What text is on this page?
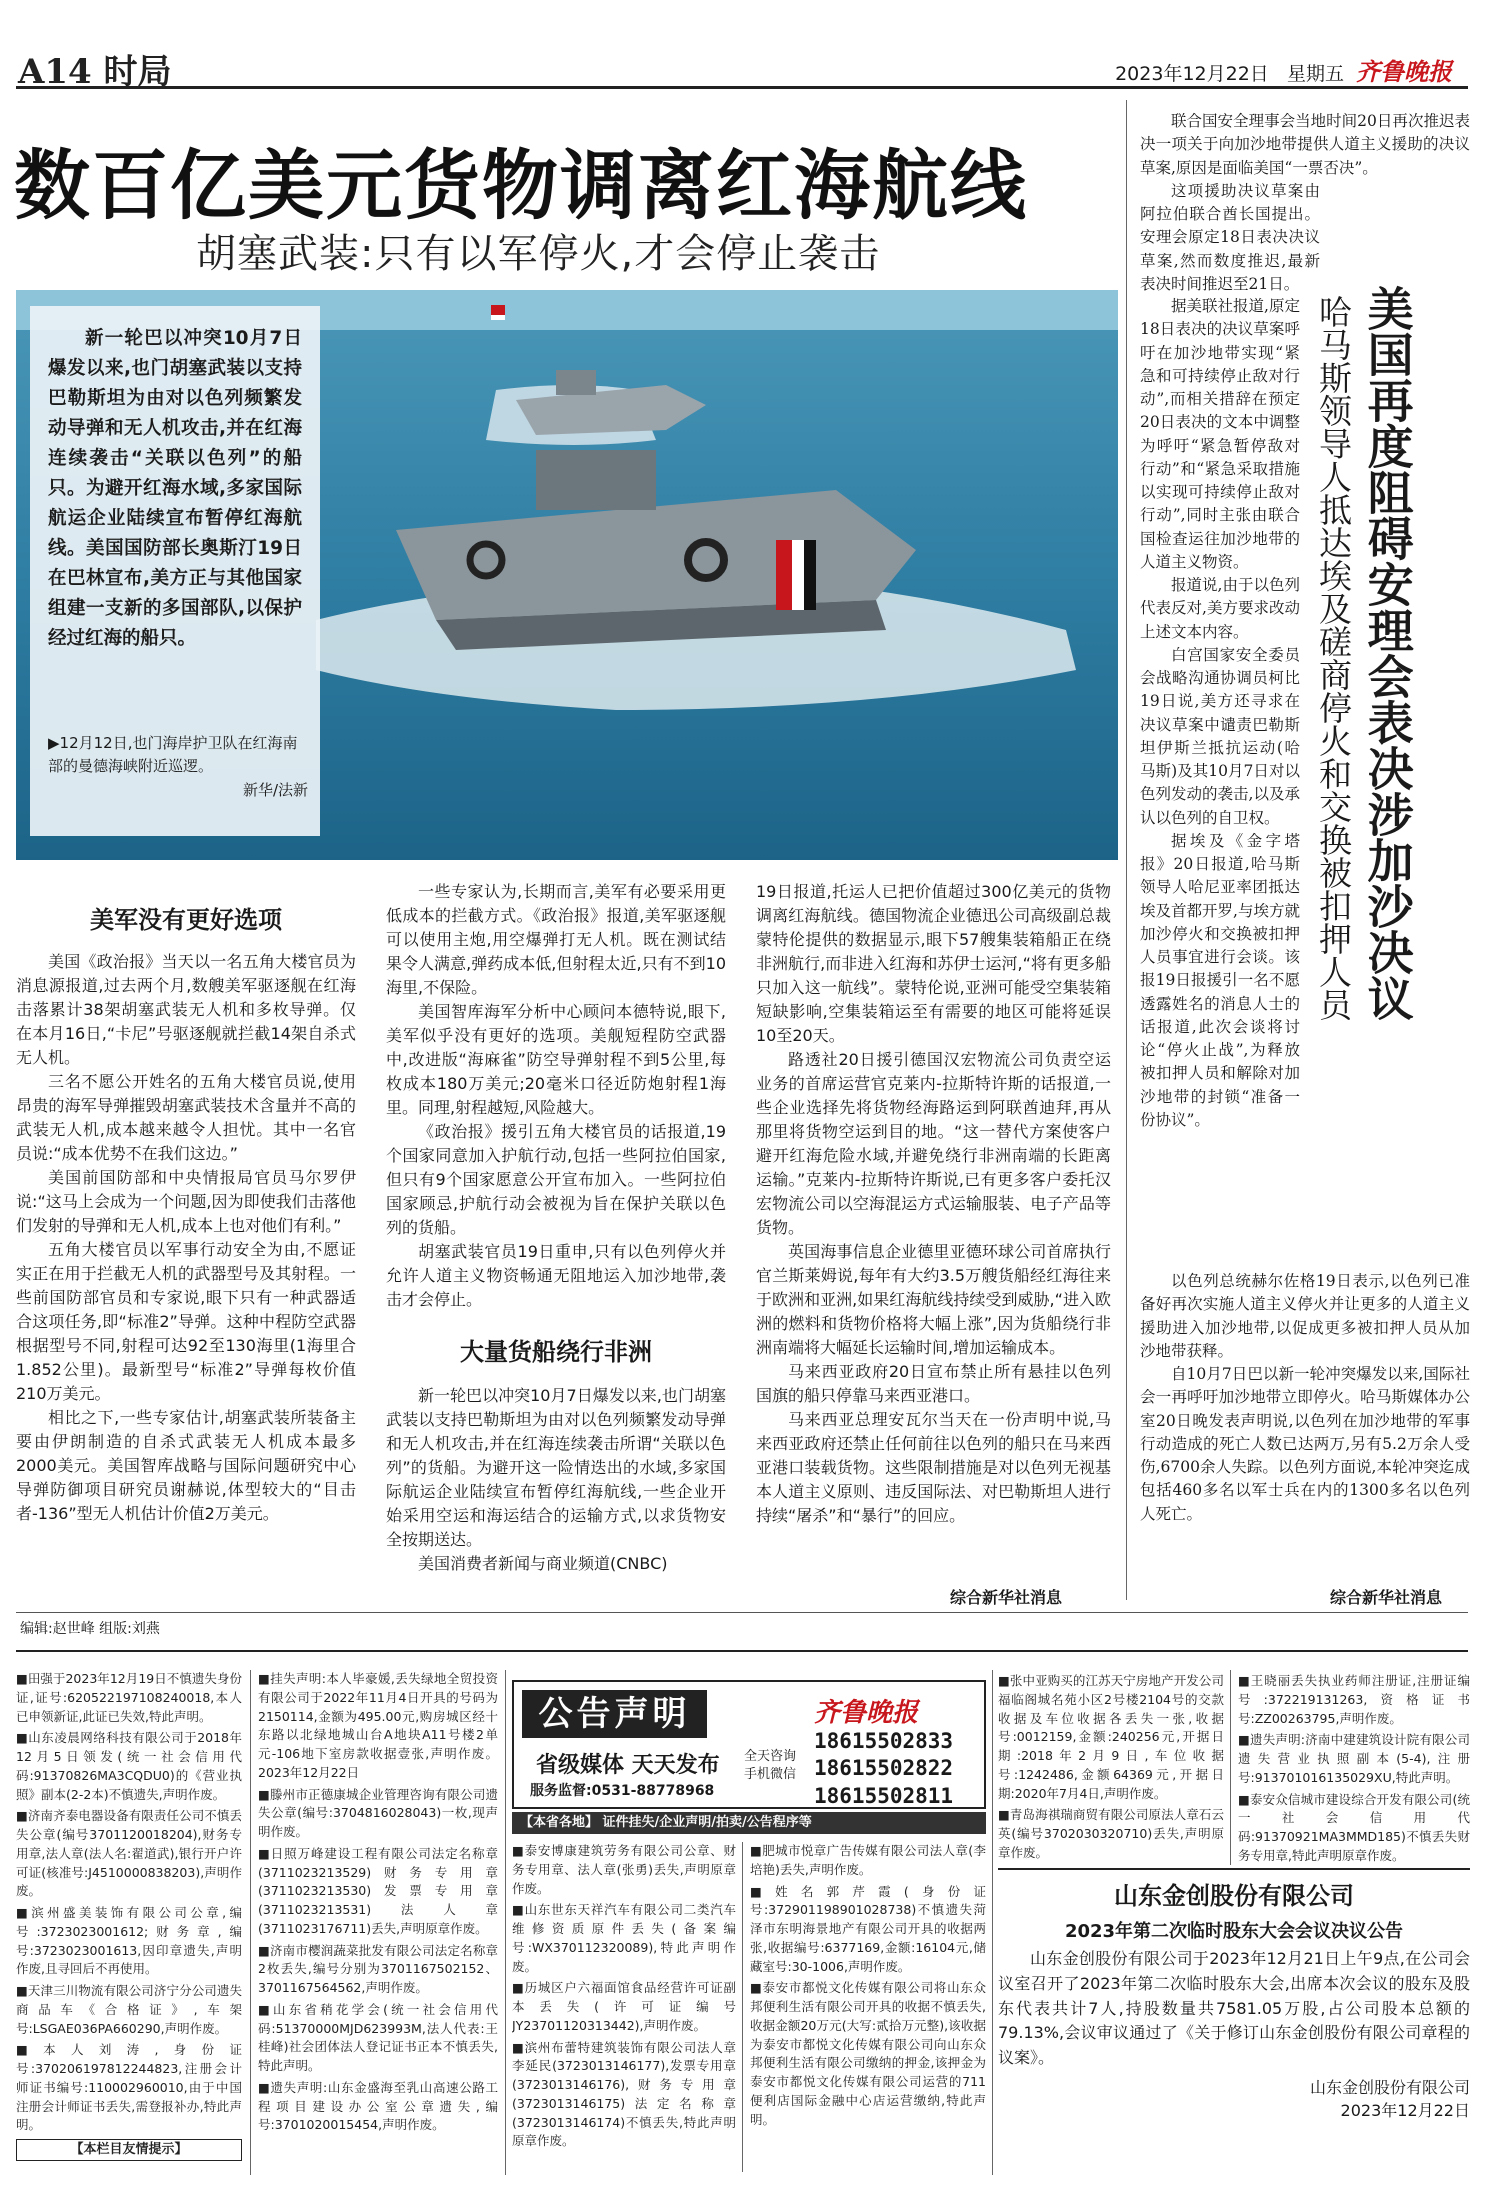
A14 时局	2023年12月22日 星期五 齐鲁晚报
数百亿美元货物调离红海航线
胡塞武装:只有以军停火,才会停止袭击
新一轮巴以冲突10月7日爆发以来,也门胡塞武装以支持巴勒斯坦为由对以色列频繁发动导弹和无人机攻击,并在红海连续袭击“关联以色列”的船只。为避开红海水域,多家国际航运企业陆续宣布暂停红海航线。美国国防部长奥斯汀19日在巴林宣布,美方正与其他国家组建一支新的多国部队,以保护经过红海的船只。
▶12月12日,也门海岸护卫队在红海南部的曼德海峡附近巡逻。
新华/法新	美国再度阻碍安理会表决涉加沙决议
哈马斯领导人抵达埃及磋商停火和交换被扣押人员

联合国安全理事会当地时间20日再次推迟表决一项关于向加沙地带提供人道主义援助的决议草案,原因是面临美国“一票否决”。

这项援助决议草案由阿拉伯联合酋长国提出。安理会原定18日表决决议草案,然而数度推迟,最新表决时间推迟至21日。

据美联社报道,原定18日表决的决议草案呼吁在加沙地带实现“紧急和可持续停止敌对行动”,而相关措辞在预定20日表决的文本中调整为呼吁“紧急暂停敌对行动”和“紧急采取措施以实现可持续停止敌对行动”,同时主张由联合国检查运往加沙地带的人道主义物资。

报道说,由于以色列代表反对,美方要求改动上述文本内容。

白宫国家安全委员会战略沟通协调员柯比19日说,美方还寻求在决议草案中谴责巴勒斯坦伊斯兰抵抗运动(哈马斯)及其10月7日对以色列发动的袭击,以及承认以色列的自卫权。

据埃及《金字塔报》20日报道,哈马斯领导人哈尼亚率团抵达埃及首都开罗,与埃方就加沙停火和交换被扣押人员事宜进行会谈。该报19日报援引一名不愿透露姓名的消息人士的话报道,此次会谈将讨论“停火止战”,为释放被扣押人员和解除对加沙地带的封锁“准备一份协议”。

以色列总统赫尔佐格19日表示,以色列已准备好再次实施人道主义停火并让更多的人道主义援助进入加沙地带,以促成更多被扣押人员从加沙地带获释。

自10月7日巴以新一轮冲突爆发以来,国际社会一再呼吁加沙地带立即停火。哈马斯媒体办公室20日晚发表声明说,以色列在加沙地带的军事行动造成的死亡人数已达两万,另有5.2万余人受伤,6700余人失踪。以色列方面说,本轮冲突迄成包括460多名以军士兵在内的1300多名以色列人死亡。

综合新华社消息
美军没有更好选项

美国《政治报》当天以一名五角大楼官员为消息源报道,过去两个月,数艘美军驱逐舰在红海击落累计38架胡塞武装无人机和多枚导弹。仅在本月16日,“卡尼”号驱逐舰就拦截14架自杀式无人机。

三名不愿公开姓名的五角大楼官员说,使用昂贵的海军导弹摧毁胡塞武装技术含量并不高的武装无人机,成本越来越令人担忧。其中一名官员说:“成本优势不在我们这边。”

美国前国防部和中央情报局官员马尔罗伊说:“这马上会成为一个问题,因为即使我们击落他们发射的导弹和无人机,成本上也对他们有利。”

五角大楼官员以军事行动安全为由,不愿证实正在用于拦截无人机的武器型号及其射程。一些前国防部官员和专家说,眼下只有一种武器适合这项任务,即“标准2”导弹。这种中程防空武器根据型号不同,射程可达92至130海里(1海里合1.852公里)。最新型号“标准2”导弹每枚价值210万美元。

相比之下,一些专家估计,胡塞武装所装备主要由伊朗制造的自杀式武装无人机成本最多2000美元。美国智库战略与国际问题研究中心导弹防御项目研究员谢赫说,体型较大的“目击者-136”型无人机估计价值2万美元。

一些专家认为,长期而言,美军有必要采用更低成本的拦截方式。《政治报》报道,美军驱逐舰可以使用主炮,用空爆弹打无人机。既在测试结果令人满意,弹药成本低,但射程太近,只有不到10海里,不保险。

美国智库海军分析中心顾问本德特说,眼下,美军似乎没有更好的选项。美舰短程防空武器中,改进版“海麻雀”防空导弹射程不到5公里,每枚成本180万美元;20毫米口径近防炮射程1海里。同理,射程越短,风险越大。

《政治报》援引五角大楼官员的话报道,19个国家同意加入护航行动,包括一些阿拉伯国家,但只有9个国家愿意公开宣布加入。一些阿拉伯国家顾忌,护航行动会被视为旨在保护关联以色列的货船。

胡塞武装官员19日重申,只有以色列停火并允许人道主义物资畅通无阻地运入加沙地带,袭击才会停止。

大量货船绕行非洲

新一轮巴以冲突10月7日爆发以来,也门胡塞武装以支持巴勒斯坦为由对以色列频繁发动导弹和无人机攻击,并在红海连续袭击所谓“关联以色列”的货船。为避开这一险情迭出的水域,多家国际航运企业陆续宣布暂停红海航线,一些企业开始采用空运和海运结合的运输方式,以求货物安全按期送达。

美国消费者新闻与商业频道(CNBC)

19日报道,托运人已把价值超过300亿美元的货物调离红海航线。德国物流企业德迅公司高级副总裁蒙特伦提供的数据显示,眼下57艘集装箱船正在绕非洲航行,而非进入红海和苏伊士运河,“将有更多船只加入这一航线”。蒙特伦说,亚洲可能受空集装箱短缺影响,空集装箱运至有需要的地区可能将延误10至20天。

路透社20日援引德国汉宏物流公司负责空运业务的首席运营官克莱内-拉斯特许斯的话报道,一些企业选择先将货物经海路运到阿联酋迪拜,再从那里将货物空运到目的地。“这一替代方案使客户避开红海危险水域,并避免绕行非洲南端的长距离运输。”克莱内-拉斯特许斯说,已有更多客户委托汉宏物流公司以空海混运方式运输服装、电子产品等货物。

英国海事信息企业德里亚德环球公司首席执行官兰斯莱姆说,每年有大约3.5万艘货船经红海往来于欧洲和亚洲,如果红海航线持续受到威胁,“进入欧洲的燃料和货物价格将大幅上涨”,因为货船绕行非洲南端将大幅延长运输时间,增加运输成本。

马来西亚政府20日宣布禁止所有悬挂以色列国旗的船只停靠马来西亚港口。

马来西亚总理安瓦尔当天在一份声明中说,马来西亚政府还禁止任何前往以色列的船只在马来西亚港口装载货物。这些限制措施是对以色列无视基本人道主义原则、违反国际法、对巴勒斯坦人进行持续“屠杀”和“暴行”的回应。

综合新华社消息
编辑:赵世峰 组版:刘燕

■田强于2023年12月19日不慎遗失身份证,证号:620522197108240018,本人已申领新证,此证已失效,特此声明。

■山东凌晨网络科技有限公司于2018年12月5日领发(统一社会信用代码:91370826MA3CQDU0)的《营业执照》副本(2-2本)不慎遗失,声明作废。

■济南齐泰电器设备有限责任公司不慎丢失公章(编号3701120018204),财务专用章,法人章(法人名:翟道武),银行开户许可证(核准号:J4510000838203),声明作废。

■滨州盛美装饰有限公司公章,编号:3723023001612;财务章,编号:3723023001613,因印章遗失,声明作废,且寻回后不再使用。

■天津三川物流有限公司济宁分公司遗失商品车《合格证》,车架号:LSGAE036PA660290,声明作废。

■本人刘涛,身份证号:370206197812244823,注册会计师证书编号:110002960010,由于中国注册会计师证书丢失,需登报补办,特此声明。

【本栏目友情提示】

■挂失声明:本人毕豪媛,丢失绿地全贸投资有限公司于2022年11月4日开具的号码为2150114,金额为495.00元,购房城区经十东路以北绿地城山台A地块A11号楼2单元-106地下室房款收据壹张,声明作废。2023年12月22日

■滕州市正德康城企业管理咨询有限公司遗失公章(编号:3704816028043)一枚,现声明作废。

■日照万峰建设工程有限公司法定名称章(3711023213529)财务专用章(3711023213530)发票专用章(3711023213531)法人章(3711023176711)丢失,声明原章作废。

■济南市樱润蔬菜批发有限公司法定名称章2枚丢失,编号分别为3701167502152、3701167564562,声明作废。

■山东省稍花学会(统一社会信用代码:51370000MJD623993M,法人代表:王桂峰)社会团体法人登记证书正本不慎丢失,特此声明。

■遗失声明:山东金盛海至乳山高速公路工程项目建设办公室公章遗失,编号:3701020015454,声明作废。

公告声明	齐鲁晚报
省级媒体 天天发布
服务监督:0531-88778968
全天咨询
手机微信
18615502833
18615502822
18615502811
【本省各地】 证件挂失/企业声明/拍卖/公告程序等

■泰安博康建筑劳务有限公司公章、财务专用章、法人章(张勇)丢失,声明原章作废。

■山东世东天祥汽车有限公司二类汽车维修资质原件丢失(备案编号:WX370112320089),特此声明作废。

■历城区户六福面馆食品经营许可证副本丢失(许可证编号JY23701120313442),声明作废。

■滨州布蕾特建筑装饰有限公司法人章李延民(3723013146177),发票专用章(3723013146176),财务专用章(3723013146175)法定名称章(3723013146174)不慎丢失,特此声明原章作废。

■肥城市悦章广告传媒有限公司法人章(李培艳)丢失,声明作废。

■姓名郭芹霞(身份证号:372901198901028738)不慎遗失菏泽市东明海景地产有限公司开具的收据两张,收据编号:6377169,金额:16104元,储藏室号:30-1006,声明作废。

■泰安市都悦文化传媒有限公司将山东众邦便利生活有限公司开具的收据不慎丢失,收据金额20万元(大写:贰拾万元整),该收据为泰安市都悦文化传媒有限公司向山东众邦便利生活有限公司缴纳的押金,该押金为泰安市都悦文化传媒有限公司运营的711便利店国际金融中心店运营缴纳,特此声明。

■张中亚购买的江苏天宁房地产开发公司福临阁城名苑小区2号楼2104号的交款收据及车位收据各丢失一张,收据号:0012159,金额:240256元,开据日期:2018年2月9日,车位收据号:1242486,金额64369元,开据日期:2020年7月4日,声明作废。

■青岛海祺瑞商贸有限公司原法人章石云英(编号3702030320710)丢失,声明原章作废。

■王晓丽丢失执业药师注册证,注册证编号:372219131263,资格证书号:ZZ00263795,声明作废。

■遗失声明:济南中建建筑设计院有限公司遗失营业执照副本(5-4),注册号:913701016135029XU,特此声明。

■泰安众信城市建设综合开发有限公司(统一社会信用代码:91370921MA3MMD185)不慎丢失财务专用章,特此声明原章作废。

山东金创股份有限公司
2023年第二次临时股东大会会议决议公告
山东金创股份有限公司于2023年12月21日上午9点,在公司会议室召开了2023年第二次临时股东大会,出席本次会议的股东及股东代表共计7人,持股数量共7581.05万股,占公司股本总额的79.13%,会议审议通过了《关于修订山东金创股份有限公司章程的议案》。
山东金创股份有限公司
2023年12月22日
